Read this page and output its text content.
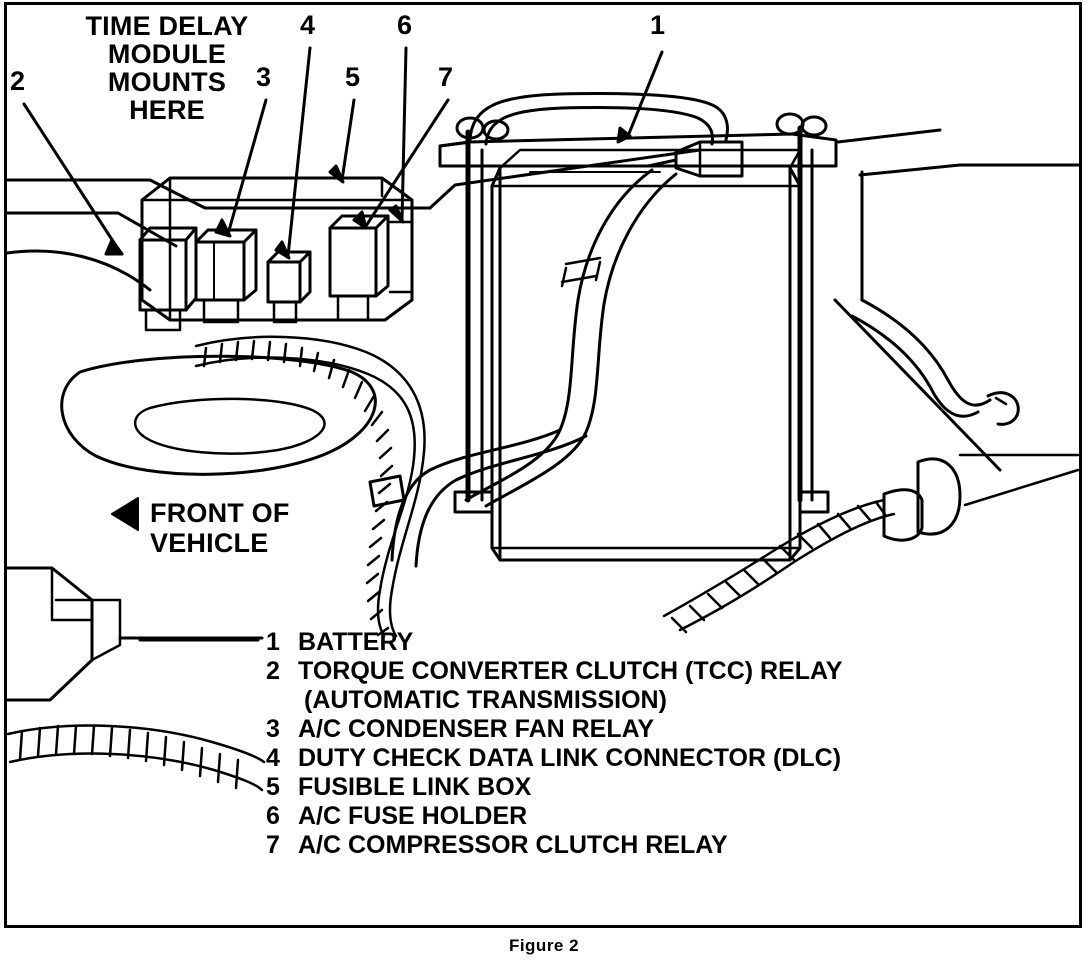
1
2	3
4
5
6
7
TIME DELAY
MODULE
MOUNTS
HERE
FRONT OF
VEHICLE
1 BATTERY
2 TORQUE CONVERTER CLUTCH (TCC) RELAY
(AUTOMATIC TRANSMISSION)
3 A/C CONDENSER FAN RELAY
4 DUTY CHECK DATA LINK CONNECTOR (DLC)
5 FUSIBLE LINK BOX
6 A/C FUSE HOLDER
7 A/C COMPRESSOR CLUTCH RELAY
Figure 2
